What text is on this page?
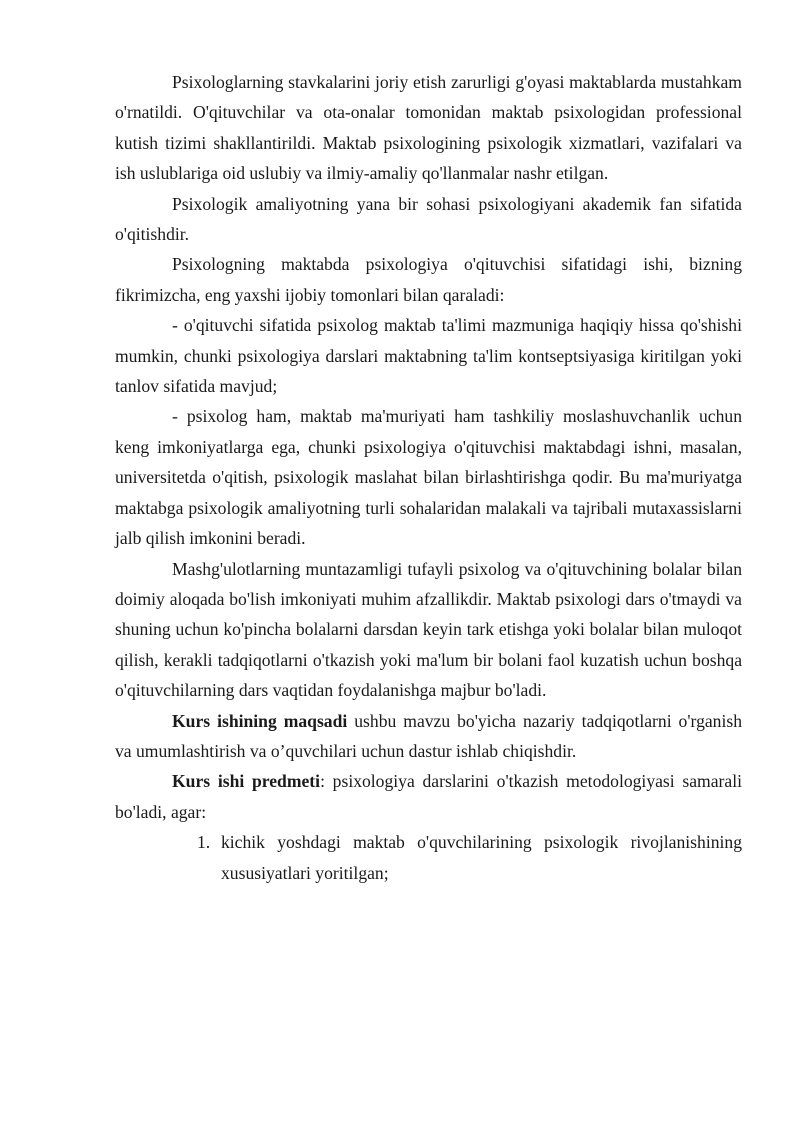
Psixologlarning stavkalarini joriy etish zarurligi g'oyasi maktablarda mustahkam o'rnatildi. O'qituvchilar va ota-onalar tomonidan maktab psixologidan professional kutish tizimi shakllantirildi. Maktab psixologining psixologik xizmatlari, vazifalari va ish uslublariga oid uslubiy va ilmiy-amaliy qo'llanmalar nashr etilgan.

Psixologik amaliyotning yana bir sohasi psixologiyani akademik fan sifatida o'qitishdir.

Psixologning maktabda psixologiya o'qituvchisi sifatidagi ishi, bizning fikrimizcha, eng yaxshi ijobiy tomonlari bilan qaraladi:

- o'qituvchi sifatida psixolog maktab ta'limi mazmuniga haqiqiy hissa qo'shishi mumkin, chunki psixologiya darslari maktabning ta'lim kontseptsiyasiga kiritilgan yoki tanlov sifatida mavjud;

- psixolog ham, maktab ma'muriyati ham tashkiliy moslashuvchanlik uchun keng imkoniyatlarga ega, chunki psixologiya o'qituvchisi maktabdagi ishni, masalan, universitetda o'qitish, psixologik maslahat bilan birlashtirishga qodir. Bu ma'muriyatga maktabga psixologik amaliyotning turli sohalaridan malakali va tajribali mutaxassislarni jalb qilish imkonini beradi.

Mashg'ulotlarning muntazamligi tufayli psixolog va o'qituvchining bolalar bilan doimiy aloqada bo'lish imkoniyati muhim afzallikdir. Maktab psixologi dars o'tmaydi va shuning uchun ko'pincha bolalarni darsdan keyin tark etishga yoki bolalar bilan muloqot qilish, kerakli tadqiqotlarni o'tkazish yoki ma'lum bir bolani faol kuzatish uchun boshqa o'qituvchilarning dars vaqtidan foydalanishga majbur bo'ladi.

Kurs ishining maqsadi ushbu mavzu bo'yicha nazariy tadqiqotlarni o'rganish va umumlashtirish va o’quvchilari uchun dastur ishlab chiqishdir.

Kurs ishi predmeti: psixologiya darslarini o'tkazish metodologiyasi samarali bo'ladi, agar:

1. kichik yoshdagi maktab o'quvchilarining psixologik rivojlanishining xususiyatlari yoritilgan;
